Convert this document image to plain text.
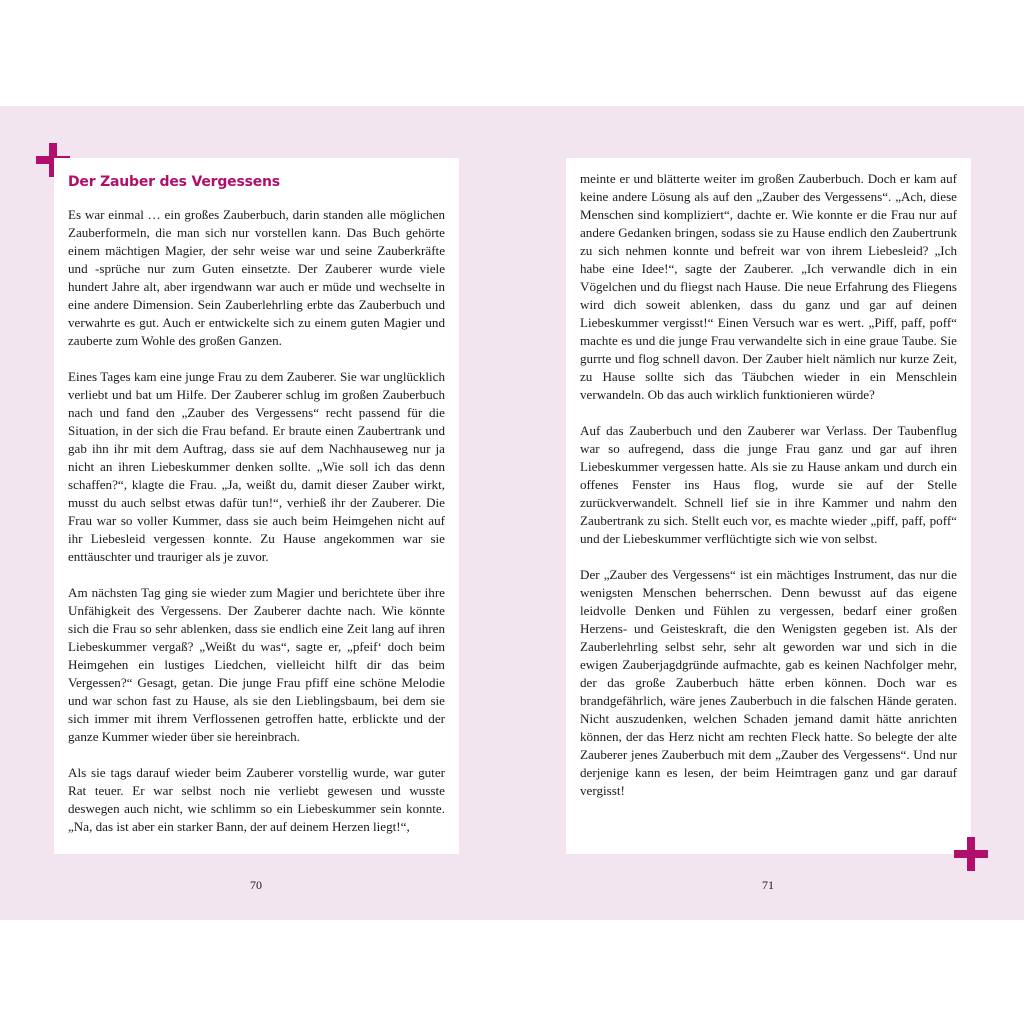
Der Zauber des Vergessens

Es war einmal … ein großes Zauberbuch, darin standen alle möglichen Zauberformeln, die man sich nur vorstellen kann. Das Buch gehörte einem mächtigen Magier, der sehr weise war und seine Zauberkräfte und -sprüche nur zum Guten einsetzte. Der Zauberer wurde viele hundert Jahre alt, aber irgendwann war auch er müde und wechselte in eine andere Dimension. Sein Zauberlehrling erbte das Zauberbuch und verwahrte es gut. Auch er entwickelte sich zu einem guten Magier und zauberte zum Wohle des großen Ganzen.

Eines Tages kam eine junge Frau zu dem Zauberer. Sie war unglücklich verliebt und bat um Hilfe. Der Zauberer schlug im großen Zauberbuch nach und fand den „Zauber des Vergessens“ recht passend für die Situation, in der sich die Frau befand. Er braute einen Zaubertrank und gab ihn ihr mit dem Auftrag, dass sie auf dem Nachhauseweg nur ja nicht an ihren Liebeskummer denken sollte. „Wie soll ich das denn schaffen?“, klagte die Frau. „Ja, weißt du, damit dieser Zauber wirkt, musst du auch selbst etwas dafür tun!“, verhieß ihr der Zauberer. Die Frau war so voller Kummer, dass sie auch beim Heimgehen nicht auf ihr Liebesleid vergessen konnte. Zu Hause angekommen war sie enttäuschter und trauriger als je zuvor.

Am nächsten Tag ging sie wieder zum Magier und berichtete über ihre Unfähigkeit des Vergessens. Der Zauberer dachte nach. Wie könnte sich die Frau so sehr ablenken, dass sie endlich eine Zeit lang auf ihren Liebeskummer vergaß? „Weißt du was“, sagte er, „pfeif‘ doch beim Heimgehen ein lustiges Liedchen, vielleicht hilft dir das beim Vergessen?“ Gesagt, getan. Die junge Frau pfiff eine schöne Melodie und war schon fast zu Hause, als sie den Lieblingsbaum, bei dem sie sich immer mit ihrem Verflossenen getroffen hatte, erblickte und der ganze Kummer wieder über sie hereinbrach.

Als sie tags darauf wieder beim Zauberer vorstellig wurde, war guter Rat teuer. Er war selbst noch nie verliebt gewesen und wusste deswegen auch nicht, wie schlimm so ein Liebeskummer sein konnte. „Na, das ist aber ein starker Bann, der auf deinem Herzen liegt!“,

70

meinte er und blätterte weiter im großen Zauberbuch. Doch er kam auf keine andere Lösung als auf den „Zauber des Vergessens“. „Ach, diese Menschen sind kompliziert“, dachte er. Wie konnte er die Frau nur auf andere Gedanken bringen, sodass sie zu Hause endlich den Zaubertrunk zu sich nehmen konnte und befreit war von ihrem Liebesleid? „Ich habe eine Idee!“, sagte der Zauberer. „Ich verwandle dich in ein Vögelchen und du fliegst nach Hause. Die neue Erfahrung des Fliegens wird dich soweit ablenken, dass du ganz und gar auf deinen Liebeskummer vergisst!“ Einen Versuch war es wert. „Piff, paff, poff“ machte es und die junge Frau verwandelte sich in eine graue Taube. Sie gurrte und flog schnell davon. Der Zauber hielt nämlich nur kurze Zeit, zu Hause sollte sich das Täubchen wieder in ein Menschlein verwandeln. Ob das auch wirklich funktionieren würde?

Auf das Zauberbuch und den Zauberer war Verlass. Der Taubenflug war so aufregend, dass die junge Frau ganz und gar auf ihren Liebeskummer vergessen hatte. Als sie zu Hause ankam und durch ein offenes Fenster ins Haus flog, wurde sie auf der Stelle zurückverwandelt. Schnell lief sie in ihre Kammer und nahm den Zaubertrank zu sich. Stellt euch vor, es machte wieder „piff, paff, poff“ und der Liebeskummer verflüchtigte sich wie von selbst.

Der „Zauber des Vergessens“ ist ein mächtiges Instrument, das nur die wenigsten Menschen beherrschen. Denn bewusst auf das eigene leidvolle Denken und Fühlen zu vergessen, bedarf einer großen Herzens- und Geisteskraft, die den Wenigsten gegeben ist. Als der Zauberlehrling selbst sehr, sehr alt geworden war und sich in die ewigen Zauberjagdgründe aufmachte, gab es keinen Nachfolger mehr, der das große Zauberbuch hätte erben können. Doch war es brandgefährlich, wäre jenes Zauberbuch in die falschen Hände geraten. Nicht auszudenken, welchen Schaden jemand damit hätte anrichten können, der das Herz nicht am rechten Fleck hatte. So belegte der alte Zauberer jenes Zauberbuch mit dem „Zauber des Vergessens“. Und nur derjenige kann es lesen, der beim Heimtragen ganz und gar darauf vergisst!

71
